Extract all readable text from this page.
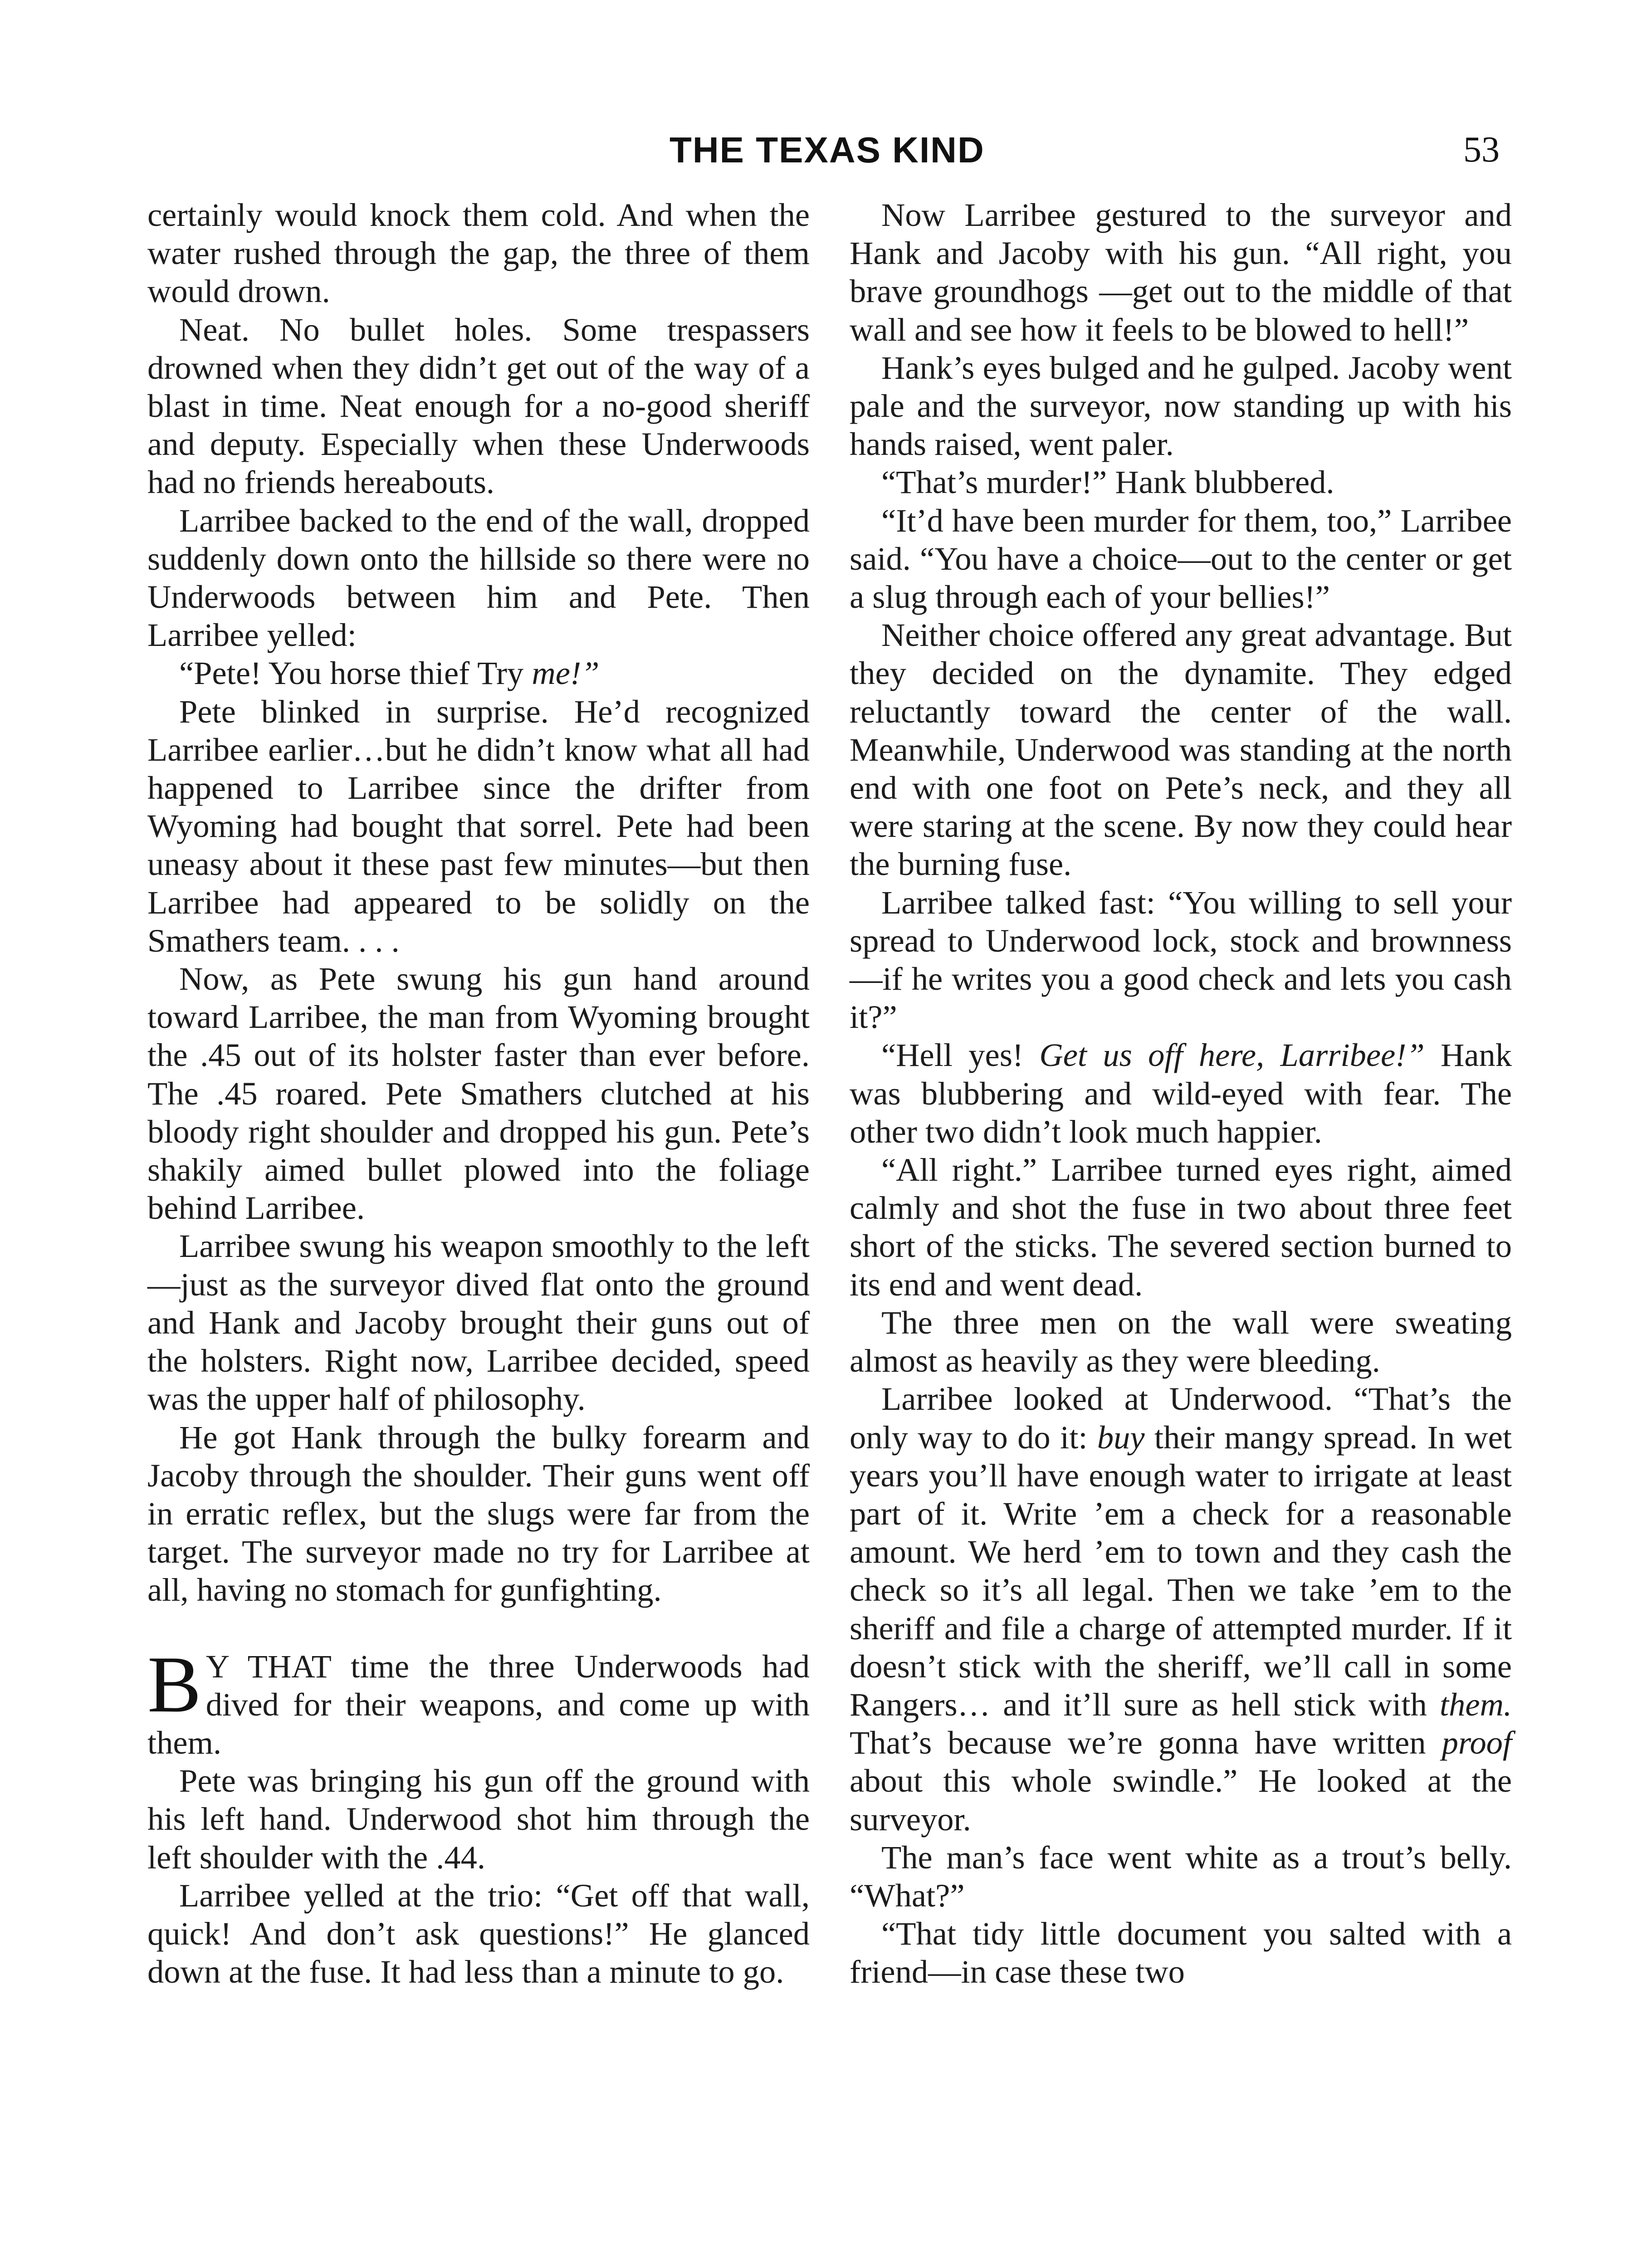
THE TEXAS KIND	53

certainly would knock them cold. And when the water rushed through the gap, the three of them would drown.

Neat. No bullet holes. Some trespassers drowned when they didn’t get out of the way of a blast in time. Neat enough for a no-good sheriff and deputy. Especially when these Underwoods had no friends hereabouts.

Larribee backed to the end of the wall, dropped suddenly down onto the hillside so there were no Underwoods between him and Pete. Then Larribee yelled:

“Pete! You horse thief Try me!”

Pete blinked in surprise. He’d recognized Larribee earlier…but he didn’t know what all had happened to Larribee since the drifter from Wyoming had bought that sorrel. Pete had been uneasy about it these past few minutes—but then Larribee had appeared to be solidly on the Smathers team. . . .

Now, as Pete swung his gun hand around toward Larribee, the man from Wyoming brought the .45 out of its holster faster than ever before. The .45 roared. Pete Smathers clutched at his bloody right shoulder and dropped his gun. Pete’s shakily aimed bullet plowed into the foliage behind Larribee.

Larribee swung his weapon smoothly to the left—just as the surveyor dived flat onto the ground and Hank and Jacoby brought their guns out of the holsters. Right now, Larribee decided, speed was the upper half of philosophy.

He got Hank through the bulky forearm and Jacoby through the shoulder. Their guns went off in erratic reflex, but the slugs were far from the target. The surveyor made no try for Larribee at all, having no stomach for gunfighting.

B Y THAT time the three Underwoods had dived for their weapons, and come up with them.

Pete was bringing his gun off the ground with his left hand. Underwood shot him through the left shoulder with the .44.

Larribee yelled at the trio: “Get off that wall, quick! And don’t ask questions!” He glanced down at the fuse. It had less than a minute to go.

Now Larribee gestured to the surveyor and Hank and Jacoby with his gun. “All right, you brave groundhogs —get out to the middle of that wall and see how it feels to be blowed to hell!”

Hank’s eyes bulged and he gulped. Jacoby went pale and the surveyor, now standing up with his hands raised, went paler.

“That’s murder!” Hank blubbered.

“It’d have been murder for them, too,” Larribee said. “You have a choice—out to the center or get a slug through each of your bellies!”

Neither choice offered any great advantage. But they decided on the dynamite. They edged reluctantly toward the center of the wall. Meanwhile, Underwood was standing at the north end with one foot on Pete’s neck, and they all were staring at the scene. By now they could hear the burning fuse.

Larribee talked fast: “You willing to sell your spread to Underwood lock, stock and brownness—if he writes you a good check and lets you cash it?”

“Hell yes! Get us off here, Larribee!” Hank was blubbering and wild-eyed with fear. The other two didn’t look much happier.

“All right.” Larribee turned eyes right, aimed calmly and shot the fuse in two about three feet short of the sticks. The severed section burned to its end and went dead.

The three men on the wall were sweating almost as heavily as they were bleeding.

Larribee looked at Underwood. “That’s the only way to do it: buy their mangy spread. In wet years you’ll have enough water to irrigate at least part of it. Write ’em a check for a reasonable amount. We herd ’em to town and they cash the check so it’s all legal. Then we take ’em to the sheriff and file a charge of attempted murder. If it doesn’t stick with the sheriff, we’ll call in some Rangers… and it’ll sure as hell stick with them. That’s because we’re gonna have written proof about this whole swindle.” He looked at the surveyor.

The man’s face went white as a trout’s belly. “What?”

“That tidy little document you salted with a friend—in case these two
